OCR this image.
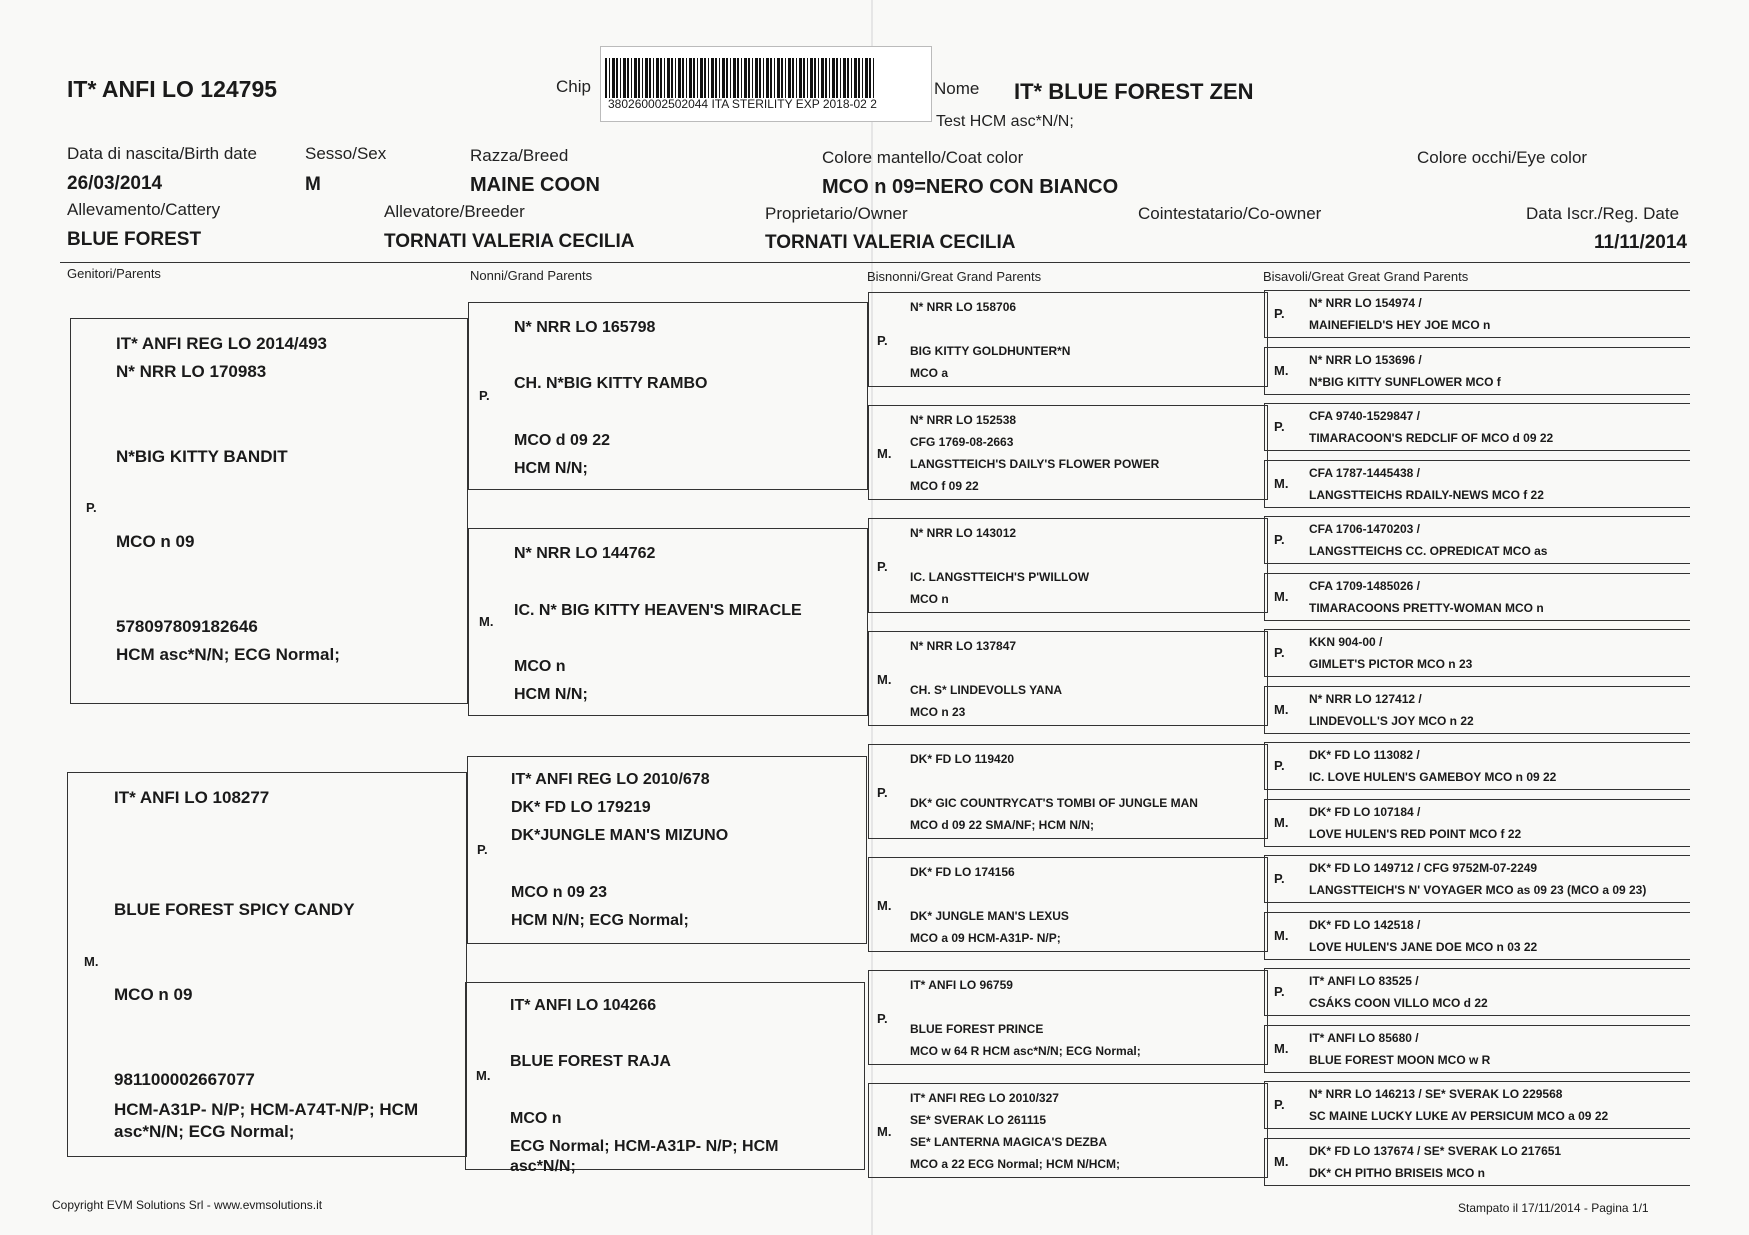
IT* ANFI LO 124795	Chip
380260002502044 ITA STERILITY EXP 2018-02 2
Nome IT* BLUE FOREST ZEN
Test HCM asc*N/N;
Data di nascita/Birth date
26/03/2014
Sesso/Sex
M
Razza/Breed
MAINE COON
Colore mantello/Coat color
MCO n 09=NERO CON BIANCO
Colore occhi/Eye color
Allevamento/Cattery
BLUE FOREST
Allevatore/Breeder
TORNATI VALERIA CECILIA
Proprietario/Owner
TORNATI VALERIA CECILIA
Cointestatario/Co-owner	Data Iscr./Reg. Date
11/11/2014
Genitori/Parents	Nonni/Grand Parents	Bisnonni/Great Grand Parents	Bisavoli/Great Great Grand Parents
P.
M.
IT* ANFI REG LO 2014/493
N* NRR LO 170983
N*BIG KITTY BANDIT
MCO n 09
578097809182646
HCM asc*N/N; ECG Normal;
IT* ANFI LO 108277
BLUE FOREST SPICY CANDY
MCO n 09
981100002667077
HCM-A31P- N/P; HCM-A74T-N/P; HCM
asc*N/N; ECG Normal;
P.
M.
P.
M.
N* NRR LO 165798
CH. N*BIG KITTY RAMBO
MCO d 09 22
HCM N/N;
N* NRR LO 144762
IC. N* BIG KITTY HEAVEN'S MIRACLE
MCO n
HCM N/N;
IT* ANFI REG LO 2010/678
DK* FD LO 179219
DK*JUNGLE MAN'S MIZUNO
MCO n 09 23
HCM N/N; ECG Normal;
IT* ANFI LO 104266
BLUE FOREST RAJA
MCO n
ECG Normal; HCM-A31P- N/P; HCM
asc*N/N;
P.
N* NRR LO 158706
BIG KITTY GOLDHUNTER*N
MCO a
M.
N* NRR LO 152538
CFG 1769-08-2663
LANGSTTEICH'S DAILY'S FLOWER POWER
MCO f 09 22
P.
N* NRR LO 143012
IC. LANGSTTEICH'S P'WILLOW
MCO n
M.
N* NRR LO 137847
CH. S* LINDEVOLLS YANA
MCO n 23
P.
DK* FD LO 119420
DK* GIC COUNTRYCAT'S TOMBI OF JUNGLE MAN
MCO d 09 22 SMA/NF; HCM N/N;
M.
DK* FD LO 174156
DK* JUNGLE MAN'S LEXUS
MCO a 09 HCM-A31P- N/P;
P.
IT* ANFI LO 96759
BLUE FOREST PRINCE
MCO w 64 R HCM asc*N/N; ECG Normal;
M.
IT* ANFI REG LO 2010/327
SE* SVERAK LO 261115
SE* LANTERNA MAGICA'S DEZBA
MCO a 22 ECG Normal; HCM N/HCM;
P.
N* NRR LO 154974 /
MAINEFIELD'S HEY JOE MCO n
M.
N* NRR LO 153696 /
N*BIG KITTY SUNFLOWER MCO f
P.
CFA 9740-1529847 /
TIMARACOON'S REDCLIF OF MCO d 09 22
M.
CFA 1787-1445438 /
LANGSTTEICHS RDAILY-NEWS MCO f 22
P.
CFA 1706-1470203 /
LANGSTTEICHS CC. OPREDICAT MCO as
M.
CFA 1709-1485026 /
TIMARACOONS PRETTY-WOMAN MCO n
P.
KKN 904-00 /
GIMLET'S PICTOR MCO n 23
M.
N* NRR LO 127412 /
LINDEVOLL'S JOY MCO n 22
P.
DK* FD LO 113082 /
IC. LOVE HULEN'S GAMEBOY MCO n 09 22
M.
DK* FD LO 107184 /
LOVE HULEN'S RED POINT MCO f 22
P.
DK* FD LO 149712 / CFG 9752M-07-2249
LANGSTTEICH'S N' VOYAGER MCO as 09 23 (MCO a 09 23)
M.
DK* FD LO 142518 /
LOVE HULEN'S JANE DOE MCO n 03 22
P.
IT* ANFI LO 83525 /
CSÁKS COON VILLO MCO d 22
M.
IT* ANFI LO 85680 /
BLUE FOREST MOON MCO w R
P.
N* NRR LO 146213 / SE* SVERAK LO 229568
SC MAINE LUCKY LUKE AV PERSICUM MCO a 09 22
M.
DK* FD LO 137674 / SE* SVERAK LO 217651
DK* CH PITHO BRISEIS MCO n
Copyright EVM Solutions Srl - www.evmsolutions.it	Stampato il 17/11/2014 - Pagina 1/1
